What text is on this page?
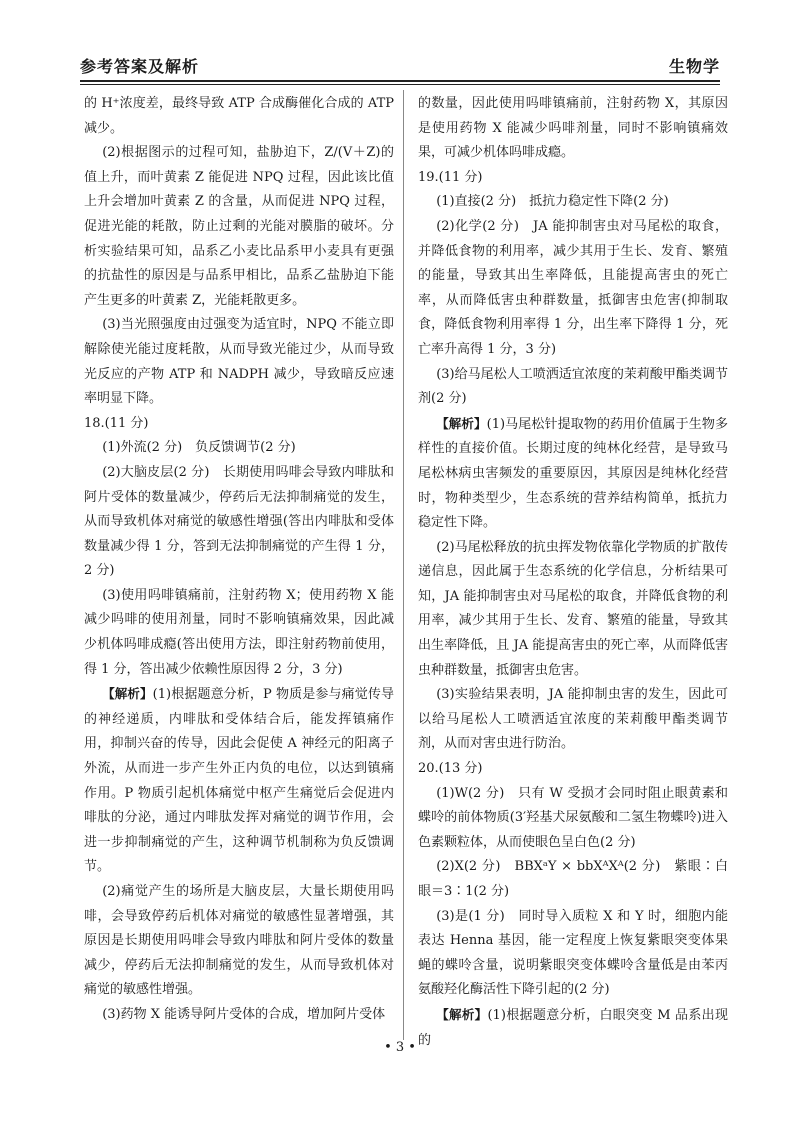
参考答案及解析	生物学

的 H⁺浓度差，最终导致 ATP 合成酶催化合成的 ATP 减少。

(2)根据图示的过程可知，盐胁迫下，Z/(V＋Z)的值上升，而叶黄素 Z 能促进 NPQ 过程，因此该比值上升会增加叶黄素 Z 的含量，从而促进 NPQ 过程，促进光能的耗散，防止过剩的光能对膜脂的破坏。分析实验结果可知，品系乙小麦比品系甲小麦具有更强的抗盐性的原因是与品系甲相比，品系乙盐胁迫下能产生更多的叶黄素 Z，光能耗散更多。

(3)当光照强度由过强变为适宜时，NPQ 不能立即解除使光能过度耗散，从而导致光能过少，从而导致光反应的产物 ATP 和 NADPH 减少，导致暗反应速率明显下降。

18.(11 分)

(1)外流(2 分)　负反馈调节(2 分)

(2)大脑皮层(2 分)　长期使用吗啡会导致内啡肽和阿片受体的数量减少，停药后无法抑制痛觉的发生，从而导致机体对痛觉的敏感性增强(答出内啡肽和受体数量减少得 1 分，答到无法抑制痛觉的产生得 1 分，2 分)

(3)使用吗啡镇痛前，注射药物 X；使用药物 X 能减少吗啡的使用剂量，同时不影响镇痛效果，因此减少机体吗啡成瘾(答出使用方法，即注射药物前使用，得 1 分，答出减少依赖性原因得 2 分，3 分)

【解析】(1)根据题意分析，P 物质是参与痛觉传导的神经递质，内啡肽和受体结合后，能发挥镇痛作用，抑制兴奋的传导，因此会促使 A 神经元的阳离子外流，从而进一步产生外正内负的电位，以达到镇痛作用。P 物质引起机体痛觉中枢产生痛觉后会促进内啡肽的分泌，通过内啡肽发挥对痛觉的调节作用，会进一步抑制痛觉的产生，这种调节机制称为负反馈调节。

(2)痛觉产生的场所是大脑皮层，大量长期使用吗啡，会导致停药后机体对痛觉的敏感性显著增强，其原因是长期使用吗啡会导致内啡肽和阿片受体的数量减少，停药后无法抑制痛觉的发生，从而导致机体对痛觉的敏感性增强。

(3)药物 X 能诱导阿片受体的合成，增加阿片受体

的数量，因此使用吗啡镇痛前，注射药物 X，其原因是使用药物 X 能减少吗啡剂量，同时不影响镇痛效果，可减少机体吗啡成瘾。

19.(11 分)

(1)直接(2 分)　抵抗力稳定性下降(2 分)

(2)化学(2 分)　JA 能抑制害虫对马尾松的取食，并降低食物的利用率，减少其用于生长、发育、繁殖的能量，导致其出生率降低，且能提高害虫的死亡率，从而降低害虫种群数量，抵御害虫危害(抑制取食，降低食物利用率得 1 分，出生率下降得 1 分，死亡率升高得 1 分，3 分)

(3)给马尾松人工喷洒适宜浓度的茉莉酸甲酯类调节剂(2 分)

【解析】(1)马尾松针提取物的药用价值属于生物多样性的直接价值。长期过度的纯林化经营，是导致马尾松林病虫害频发的重要原因，其原因是纯林化经营时，物种类型少，生态系统的营养结构简单，抵抗力稳定性下降。

(2)马尾松释放的抗虫挥发物依靠化学物质的扩散传递信息，因此属于生态系统的化学信息，分析结果可知，JA 能抑制害虫对马尾松的取食，并降低食物的利用率，减少其用于生长、发育、繁殖的能量，导致其出生率降低，且 JA 能提高害虫的死亡率，从而降低害虫种群数量，抵御害虫危害。

(3)实验结果表明，JA 能抑制虫害的发生，因此可以给马尾松人工喷洒适宜浓度的茉莉酸甲酯类调节剂，从而对害虫进行防治。

20.(13 分)

(1)W(2 分)　只有 W 受损才会同时阻止眼黄素和蝶呤的前体物质(3′羟基犬尿氨酸和二氢生物蝶呤)进入色素颗粒体，从而使眼色呈白色(2 分)

(2)X(2 分)　BBXᵃY × bbXᴬXᴬ(2 分)　紫眼∶白眼＝3∶1(2 分)

(3)是(1 分)　同时导入质粒 X 和 Y 时，细胞内能表达 Henna 基因，能一定程度上恢复紫眼突变体果蝇的蝶呤含量，说明紫眼突变体蝶呤含量低是由苯丙氨酸羟化酶活性下降引起的(2 分)

【解析】(1)根据题意分析，白眼突变 M 品系出现的

• 3 •
